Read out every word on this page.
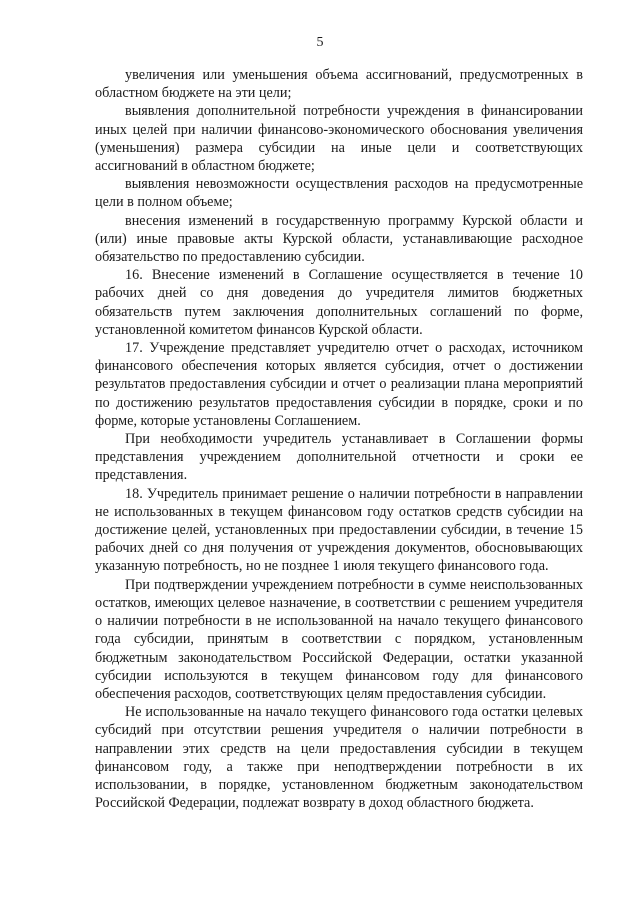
5

увеличения или уменьшения объема ассигнований, предусмотренных в областном бюджете на эти цели;

выявления дополнительной потребности учреждения в финансировании иных целей при наличии финансово-экономического обоснования увеличения (уменьшения) размера субсидии на иные цели и соответствующих ассигнований в областном бюджете;

выявления невозможности осуществления расходов на предусмотренные цели в полном объеме;

внесения изменений в государственную программу Курской области и (или) иные правовые акты Курской области, устанавливающие расходное обязательство по предоставлению субсидии.

16. Внесение изменений в Соглашение осуществляется в течение 10 рабочих дней со дня доведения до учредителя лимитов бюджетных обязательств путем заключения дополнительных соглашений по форме, установленной комитетом финансов Курской области.

17. Учреждение представляет учредителю отчет о расходах, источником финансового обеспечения которых является субсидия, отчет о достижении результатов предоставления субсидии и отчет о реализации плана мероприятий по достижению результатов предоставления субсидии в порядке, сроки и по форме, которые установлены Соглашением.

При необходимости учредитель устанавливает в Соглашении формы представления учреждением дополнительной отчетности и сроки ее представления.

18. Учредитель принимает решение о наличии потребности в направлении не использованных в текущем финансовом году остатков средств субсидии на достижение целей, установленных при предоставлении субсидии, в течение 15 рабочих дней со дня получения от учреждения документов, обосновывающих указанную потребность, но не позднее 1 июля текущего финансового года.

При подтверждении учреждением потребности в сумме неиспользованных остатков, имеющих целевое назначение, в соответствии с решением учредителя о наличии потребности в не использованной на начало текущего финансового года субсидии, принятым в соответствии с порядком, установленным бюджетным законодательством Российской Федерации, остатки указанной субсидии используются в текущем финансовом году для финансового обеспечения расходов, соответствующих целям предоставления субсидии.

Не использованные на начало текущего финансового года остатки целевых субсидий при отсутствии решения учредителя о наличии потребности в направлении этих средств на цели предоставления субсидии в текущем финансовом году, а также при неподтверждении потребности в их использовании, в порядке, установленном бюджетным законодательством Российской Федерации, подлежат возврату в доход областного бюджета.
